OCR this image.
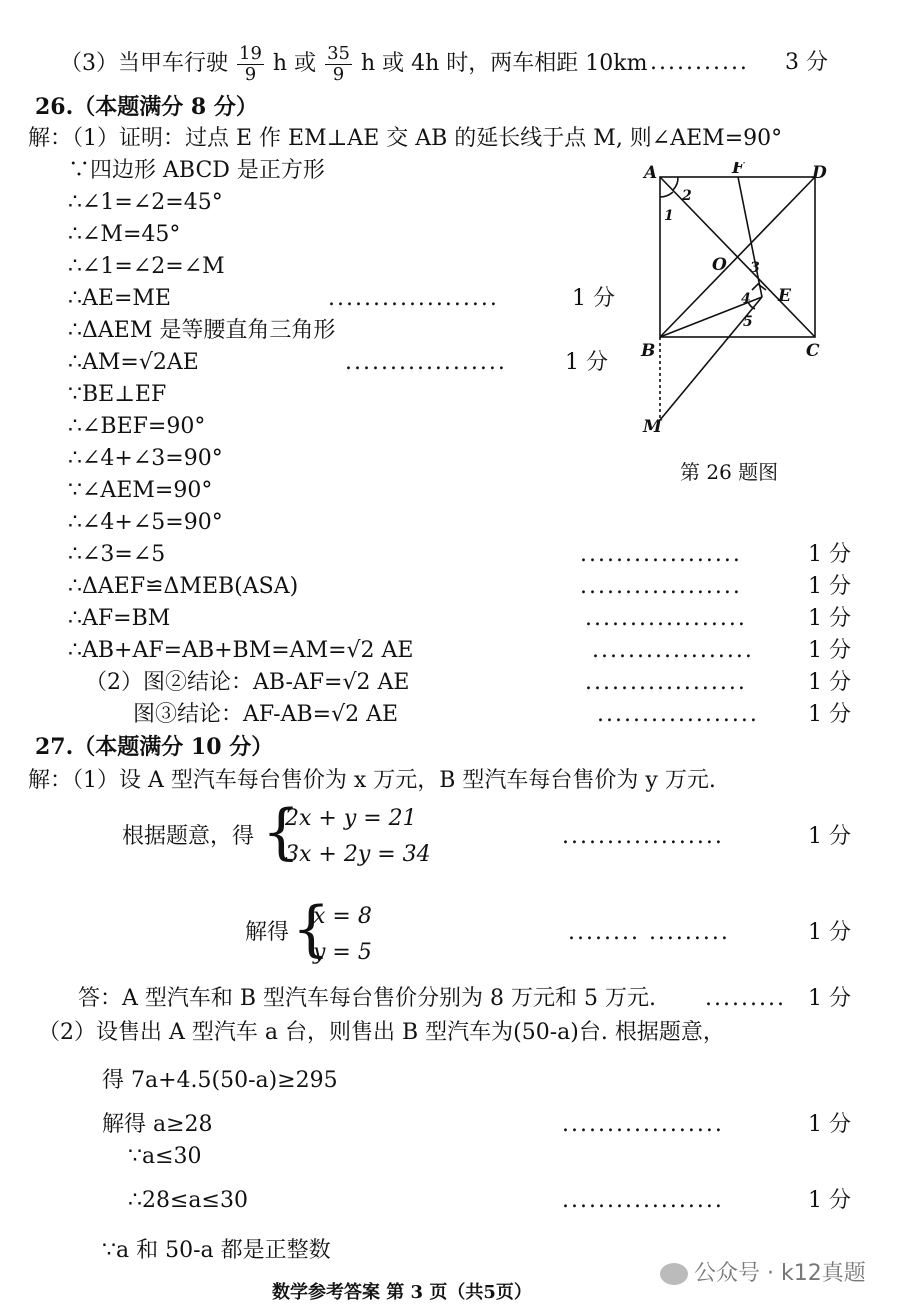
（3）当甲车行驶 $\frac{19}{9}$ h 或 $\frac{35}{9}$ h 或 4h 时，两车相距 10km ........... 3 分
26.（本题满分 8 分）
解：（1）证明：过点 E 作 EM⊥AE 交 AB 的延长线于点 M, 则∠AEM=90°
∵四边形 ABCD 是正方形
∴∠1=∠2=45°
∴∠M=45°
∴∠1=∠2=∠M
∴AE=ME	...................	1 分
∴ΔAEM 是等腰直角三角形
∴AM=√2AE	..................	1 分
∵BE⊥EF
∴∠BEF=90°
∴∠4+∠3=90°
∵∠AEM=90°
∴∠4+∠5=90°
∴∠3=∠5	..................	1 分
∴ΔAEF≌ΔMEB(ASA)	..................	1 分
∴AF=BM	..................	1 分
∴AB+AF=AB+BM=AM=√2 AE	.................. 1 分
（2）图②结论：AB-AF=√2 AE	..................	1 分
图③结论：AF-AB=√2 AE	.................. 1 分
A	F	D
B	C
M
O
E
1
2
3
4
5
第 26 题图
27.（本题满分 10 分）
解：（1）设 A 型汽车每台售价为 x 万元，B 型汽车每台售价为 y 万元.
根据题意，得 {
2x + y = 21
3x + 2y = 34
..................	1 分
解得 {
x = 8
y = 5
........ .........	1 分
答：A 型汽车和 B 型汽车每台售价分别为 8 万元和 5 万元. ......... 1 分
（2）设售出 A 型汽车 a 台，则售出 B 型汽车为(50-a)台. 根据题意，
得 7a+4.5(50-a)≥295
解得 a≥28	..................	1 分
∵a≤30
∴28≤a≤30	..................	1 分
∵a 和 50-a 都是正整数
数学参考答案 第 3 页（共5页）
公众号 · k12真题
